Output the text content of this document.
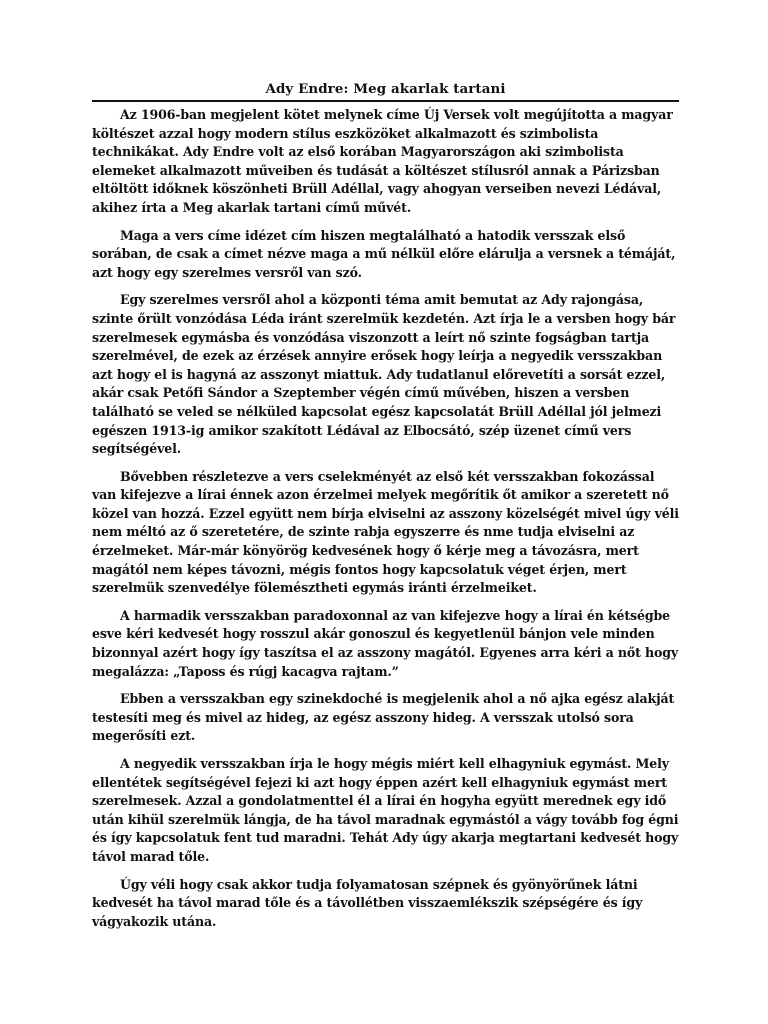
Ady Endre: Meg akarlak tartani

Az 1906-ban megjelent kötet melynek címe Új Versek volt megújította a magyar költészet azzal hogy modern stílus eszközöket alkalmazott és szimbolista technikákat. Ady Endre volt az első korában Magyarországon aki szimbolista elemeket alkalmazott műveiben és tudását a költészet stílusról annak a Párizsban eltöltött időknek köszönheti Brüll Adéllal, vagy ahogyan verseiben nevezi Lédával, akihez írta a Meg akarlak tartani című művét.

Maga a vers címe idézet cím hiszen megtalálható a hatodik versszak első sorában, de csak a címet nézve maga a mű nélkül előre elárulja a versnek a témáját, azt hogy egy szerelmes versről van szó.

Egy szerelmes versről ahol a központi téma amit bemutat az Ady rajongása, szinte őrült vonzódása Léda iránt szerelmük kezdetén. Azt írja le a versben hogy bár szerelmesek egymásba és vonzódása viszonzott a leírt nő szinte fogságban tartja szerelmével, de ezek az érzések annyire erősek hogy leírja a negyedik versszakban azt hogy el is hagyná az asszonyt miattuk. Ady tudatlanul előrevetíti a sorsát ezzel, akár csak Petőfi Sándor a Szeptember végén című művében, hiszen a versben található se veled se nélküled kapcsolat egész kapcsolatát Brüll Adéllal jól jelmezi egészen 1913-ig amikor szakított Lédával az Elbocsátó, szép üzenet című vers segítségével.

Bővebben részletezve a vers cselekményét az első két versszakban fokozással van kifejezve a lírai énnek azon érzelmei melyek megőrítik őt amikor a szeretett nő közel van hozzá. Ezzel együtt nem bírja elviselni az asszony közelségét mivel úgy véli nem méltó az ő szeretetére, de szinte rabja egyszerre és nme tudja elviselni az érzelmeket. Már-már könyörög kedvesének hogy ő kérje meg a távozásra, mert magától nem képes távozni, mégis fontos hogy kapcsolatuk véget érjen, mert szerelmük szenvedélye fölemésztheti egymás iránti érzelmeiket.

A harmadik versszakban paradoxonnal az van kifejezve hogy a lírai én kétségbe esve kéri kedvesét hogy rosszul akár gonoszul és kegyetlenül bánjon vele minden bizonnyal azért hogy így taszítsa el az asszony magától. Egyenes arra kéri a nőt hogy megalázza: „Taposs és rúgj kacagva rajtam.”

Ebben a versszakban egy szinekdoché is megjelenik ahol a nő ajka egész alakját testesíti meg és mivel az hideg, az egész asszony hideg. A versszak utolsó sora megerősíti ezt.

A negyedik versszakban írja le hogy mégis miért kell elhagyniuk egymást. Mely ellentétek segítségével fejezi ki azt hogy éppen azért kell elhagyniuk egymást mert szerelmesek. Azzal a gondolatmenttel él a lírai én hogyha együtt merednek egy idő után kihül szerelmük lángja, de ha távol maradnak egymástól a vágy tovább fog égni és így kapcsolatuk fent tud maradni. Tehát Ady úgy akarja megtartani kedvesét hogy távol marad tőle.

Úgy véli hogy csak akkor tudja folyamatosan szépnek és gyönyörűnek látni kedvesét ha távol marad tőle és a távollétben visszaemlékszik szépségére és így vágyakozik utána.
